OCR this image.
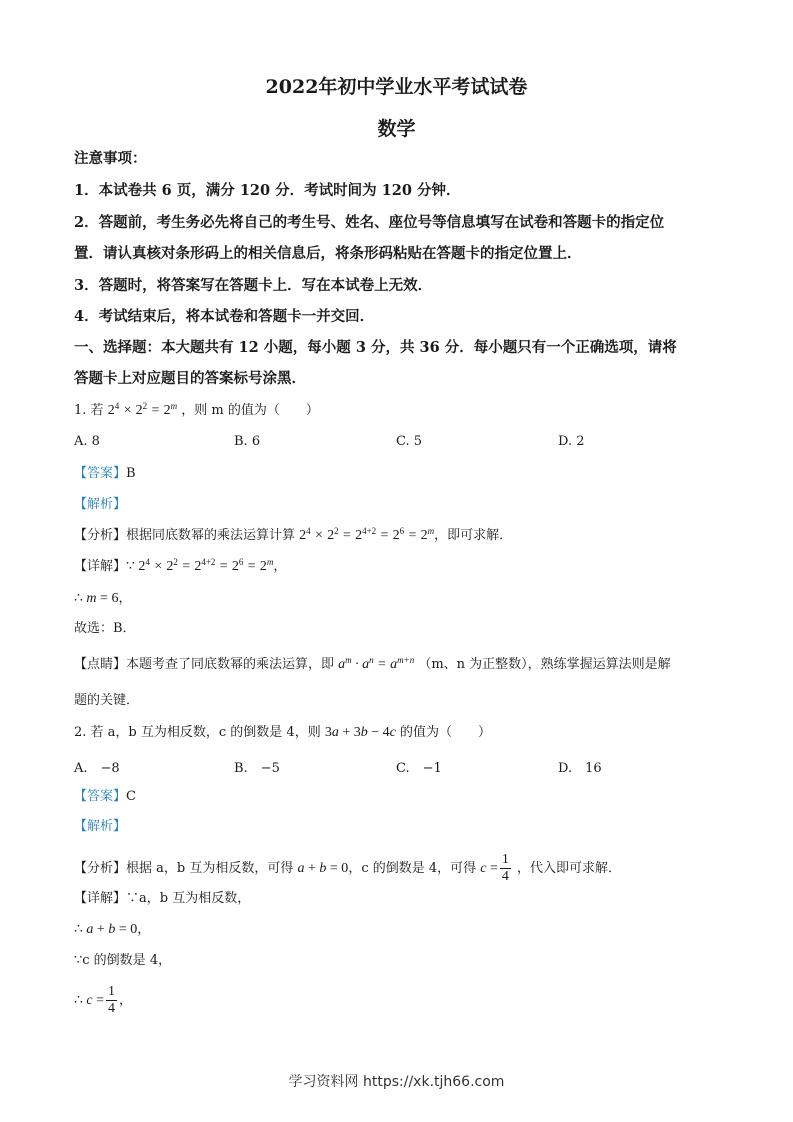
2022年初中学业水平考试试卷
数学
注意事项：
1．本试卷共 6 页，满分 120 分．考试时间为 120 分钟．
2．答题前，考生务必先将自己的考生号、姓名、座位号等信息填写在试卷和答题卡的指定位
置．请认真核对条形码上的相关信息后，将条形码粘贴在答题卡的指定位置上．
3．答题时，将答案写在答题卡上．写在本试卷上无效．
4．考试结束后，将本试卷和答题卡一并交回．
一、选择题：本大题共有 12 小题，每小题 3 分，共 36 分．每小题只有一个正确选项，请将
答题卡上对应题目的答案标号涂黑．
1. 若 $2^4 \times 2^2 = 2^m$ ，则 m 的值为（　　）
A. 8	B. 6	C. 5	D. 2
【答案】B
【解析】
【分析】根据同底数幂的乘法运算计算 $2^4 \times 2^2 = 2^{4+2} = 2^6 = 2^m$，即可求解．
【详解】∵ $2^4 \times 2^2 = 2^{4+2} = 2^6 = 2^m$，
∴ m = 6，
故选：B．
【点睛】本题考查了同底数幂的乘法运算，即 $a^m \cdot a^n = a^{m+n}$ （m、n 为正整数），熟练掌握运算法则是解
题的关键．
2. 若 a，b 互为相反数，c 的倒数是 4，则 3a + 3b − 4c 的值为（　　）
A.　−8	B.　−5	C.　−1	D.　16
【答案】C
【解析】
【分析】根据 a，b 互为相反数，可得 a + b = 0，c 的倒数是 4，可得 $c = \frac{1}{4}$ ，代入即可求解．
【详解】∵a，b 互为相反数，
∴ a + b = 0，
∵c 的倒数是 4，
∴ $c = \frac{1}{4}$ ，
学习资料网 https://xk.tjh66.com
